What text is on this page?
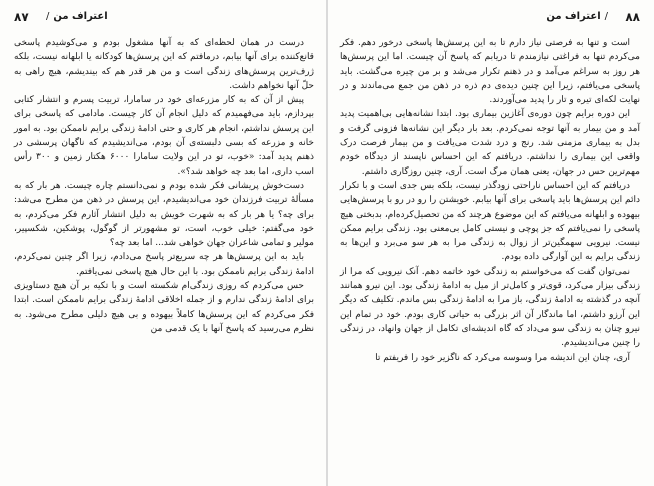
۸۷	اعتراف من/

درست در همان لحظه‌ای که به آنها مشغول بودم و می‌کوشیدم پاسخی قانع‌کننده برای آنها بیابم، درمافتم که این پرسش‌ها کودکانه یا ابلهانه نیست، بلکه ژرف‌ترین پرسش‌های زندگی است و من هر قدر هم که بیندیشم، هیچ راهی به حلّ آنها نخواهم داشت.

پیش از آن که به کار مزرعه‌ای خود در سامارا، تربیت پسرم و انتشار کتابی بپردازم، باید می‌فهمیدم که دلیل انجام آن کار چیست. مادامی که پاسخی برای این پرسش نداشتم، انجام هر کاری و حتی ادامهٔ زندگی برایم ناممکن بود. به امور خانه و مزرعه که بسی دلبسته‌ی آن بودم، می‌اندیشیدم که ناگهان پرسشی در ذهنم پدید آمد: «خوب، تو در این ولایت سامارا ۶۰۰۰ هکتار زمین و ۳۰۰ رأس اسب داری، اما بعد چه خواهد شد؟».

دست‌خوش پریشانی فکر شده بودم و نمی‌دانستم چاره چیست. هر بار که به مسألهٔ تربیت فرزندان خود می‌اندیشیدم، این پرسش در ذهن من مطرح می‌شد: برای چه؟ یا هر بار که به شهرت خویش به دلیل انتشار آثارم فکر می‌کردم، به خود می‌گفتم: خیلی خوب، است، تو مشهورتر از گوگول، پوشکین، شکسپیر، مولیر و تمامی شاعران جهان خواهی شد... اما بعد چه؟

باید به این پرسش‌ها هر چه سریع‌تر پاسخ می‌دادم، زیرا اگر چنین نمی‌کردم، ادامهٔ زندگی برایم ناممکن بود. با این حال هیچ پاسخی نمی‌یافتم.

حس می‌کردم که روزی زندگی‌ام شکسته است و با تکیه بر آن هیچ دستاویزی برای ادامهٔ زندگی ندارم و از جمله اخلاقی ادامهٔ زندگی برایم ناممکن است. ابتدا فکر می‌کردم که این پرسش‌ها کاملاً بیهوده و بی هیچ دلیلی مطرح می‌شود. به نظرم می‌رسید که پاسخ آنها با یک قدمی من

۸۸
/اعتراف من

است و تنها به فرصتی نیاز دارم تا به این پرسش‌ها پاسخی درخور دهم. فکر می‌کردم تنها به فراغتی نیازمندم تا دریابم که پاسخ آن چیست. اما این پرسش‌ها هر روز به سراغم می‌آمد و در ذهنم تکرار می‌شد و بر من چیره می‌گشت. باید پاسخی می‌یافتم، زیرا این چنین دیده‌ی دم ذره در ذهن من جمع می‌ماندند و در نهایت لکه‌ای تیره و تار را پدید می‌آوردند.

این دوره برایم چون دوره‌ی آغازین بیماری بود. ابتدا نشانه‌هایی بی‌اهمیت پدید آمد و من بیمار به آنها توجه نمی‌کردم. بعد بار دیگر این نشانه‌ها فزونی گرفت و بدل به بیماری مزمنی شد. رنج و درد شدت می‌یافت و من بیمار فرصت درک واقعی این بیماری را نداشتم. دریافتم که این احساس ناپسند از دیدگاه خودم مهم‌ترین حس در جهان، یعنی همان مرگ است. آری، چنین روزگاری داشتم.

دریافتم که این احساس ناراحتی زودگذر نیست، بلکه بس جدی است و با تکرار دائم این پرسش‌ها باید پاسخی برای آنها بیابم. خویشتن را رو در رو با پرسش‌هایی بیهوده و ابلهانه می‌یافتم که این موضوع هرچند که من تحصیل‌کرده‌ام، بدبختی هیچ پاسخی را نمی‌یافتم که جز پوچی و نیستی کامل بی‌معنی بود. زندگی برایم ممکن نیست. نیرویی سهمگین‌تر از زوال به زندگی مرا به هر سو می‌برد و این‌ها به زندگی برایم به این آوارگی داده بودم.

نمی‌توان گفت که می‌خواستم به زندگی خود خاتمه دهم. آنک نیرویی که مرا از زندگی بیزار می‌کرد، قوی‌تر و کامل‌تر از میل به ادامهٔ زندگی بود. این نیرو همانند آنچه در گذشته به ادامهٔ زندگی، باز مرا به ادامهٔ زندگی بس ماندم. تکلیف که دیگر این آرزو داشتم، اما ماندگار آن اثر بزرگی به حیاتی کاری بودم. خود در تمام این نیرو چنان به زندگی سو می‌داد که گاه اندیشه‌ای تکامل از جهان وانهاد، در زندگی را چنین می‌اندیشیدم.

آری، چنان این اندیشه مرا وسوسه می‌کرد که ناگزیر خود را فریفتم تا
